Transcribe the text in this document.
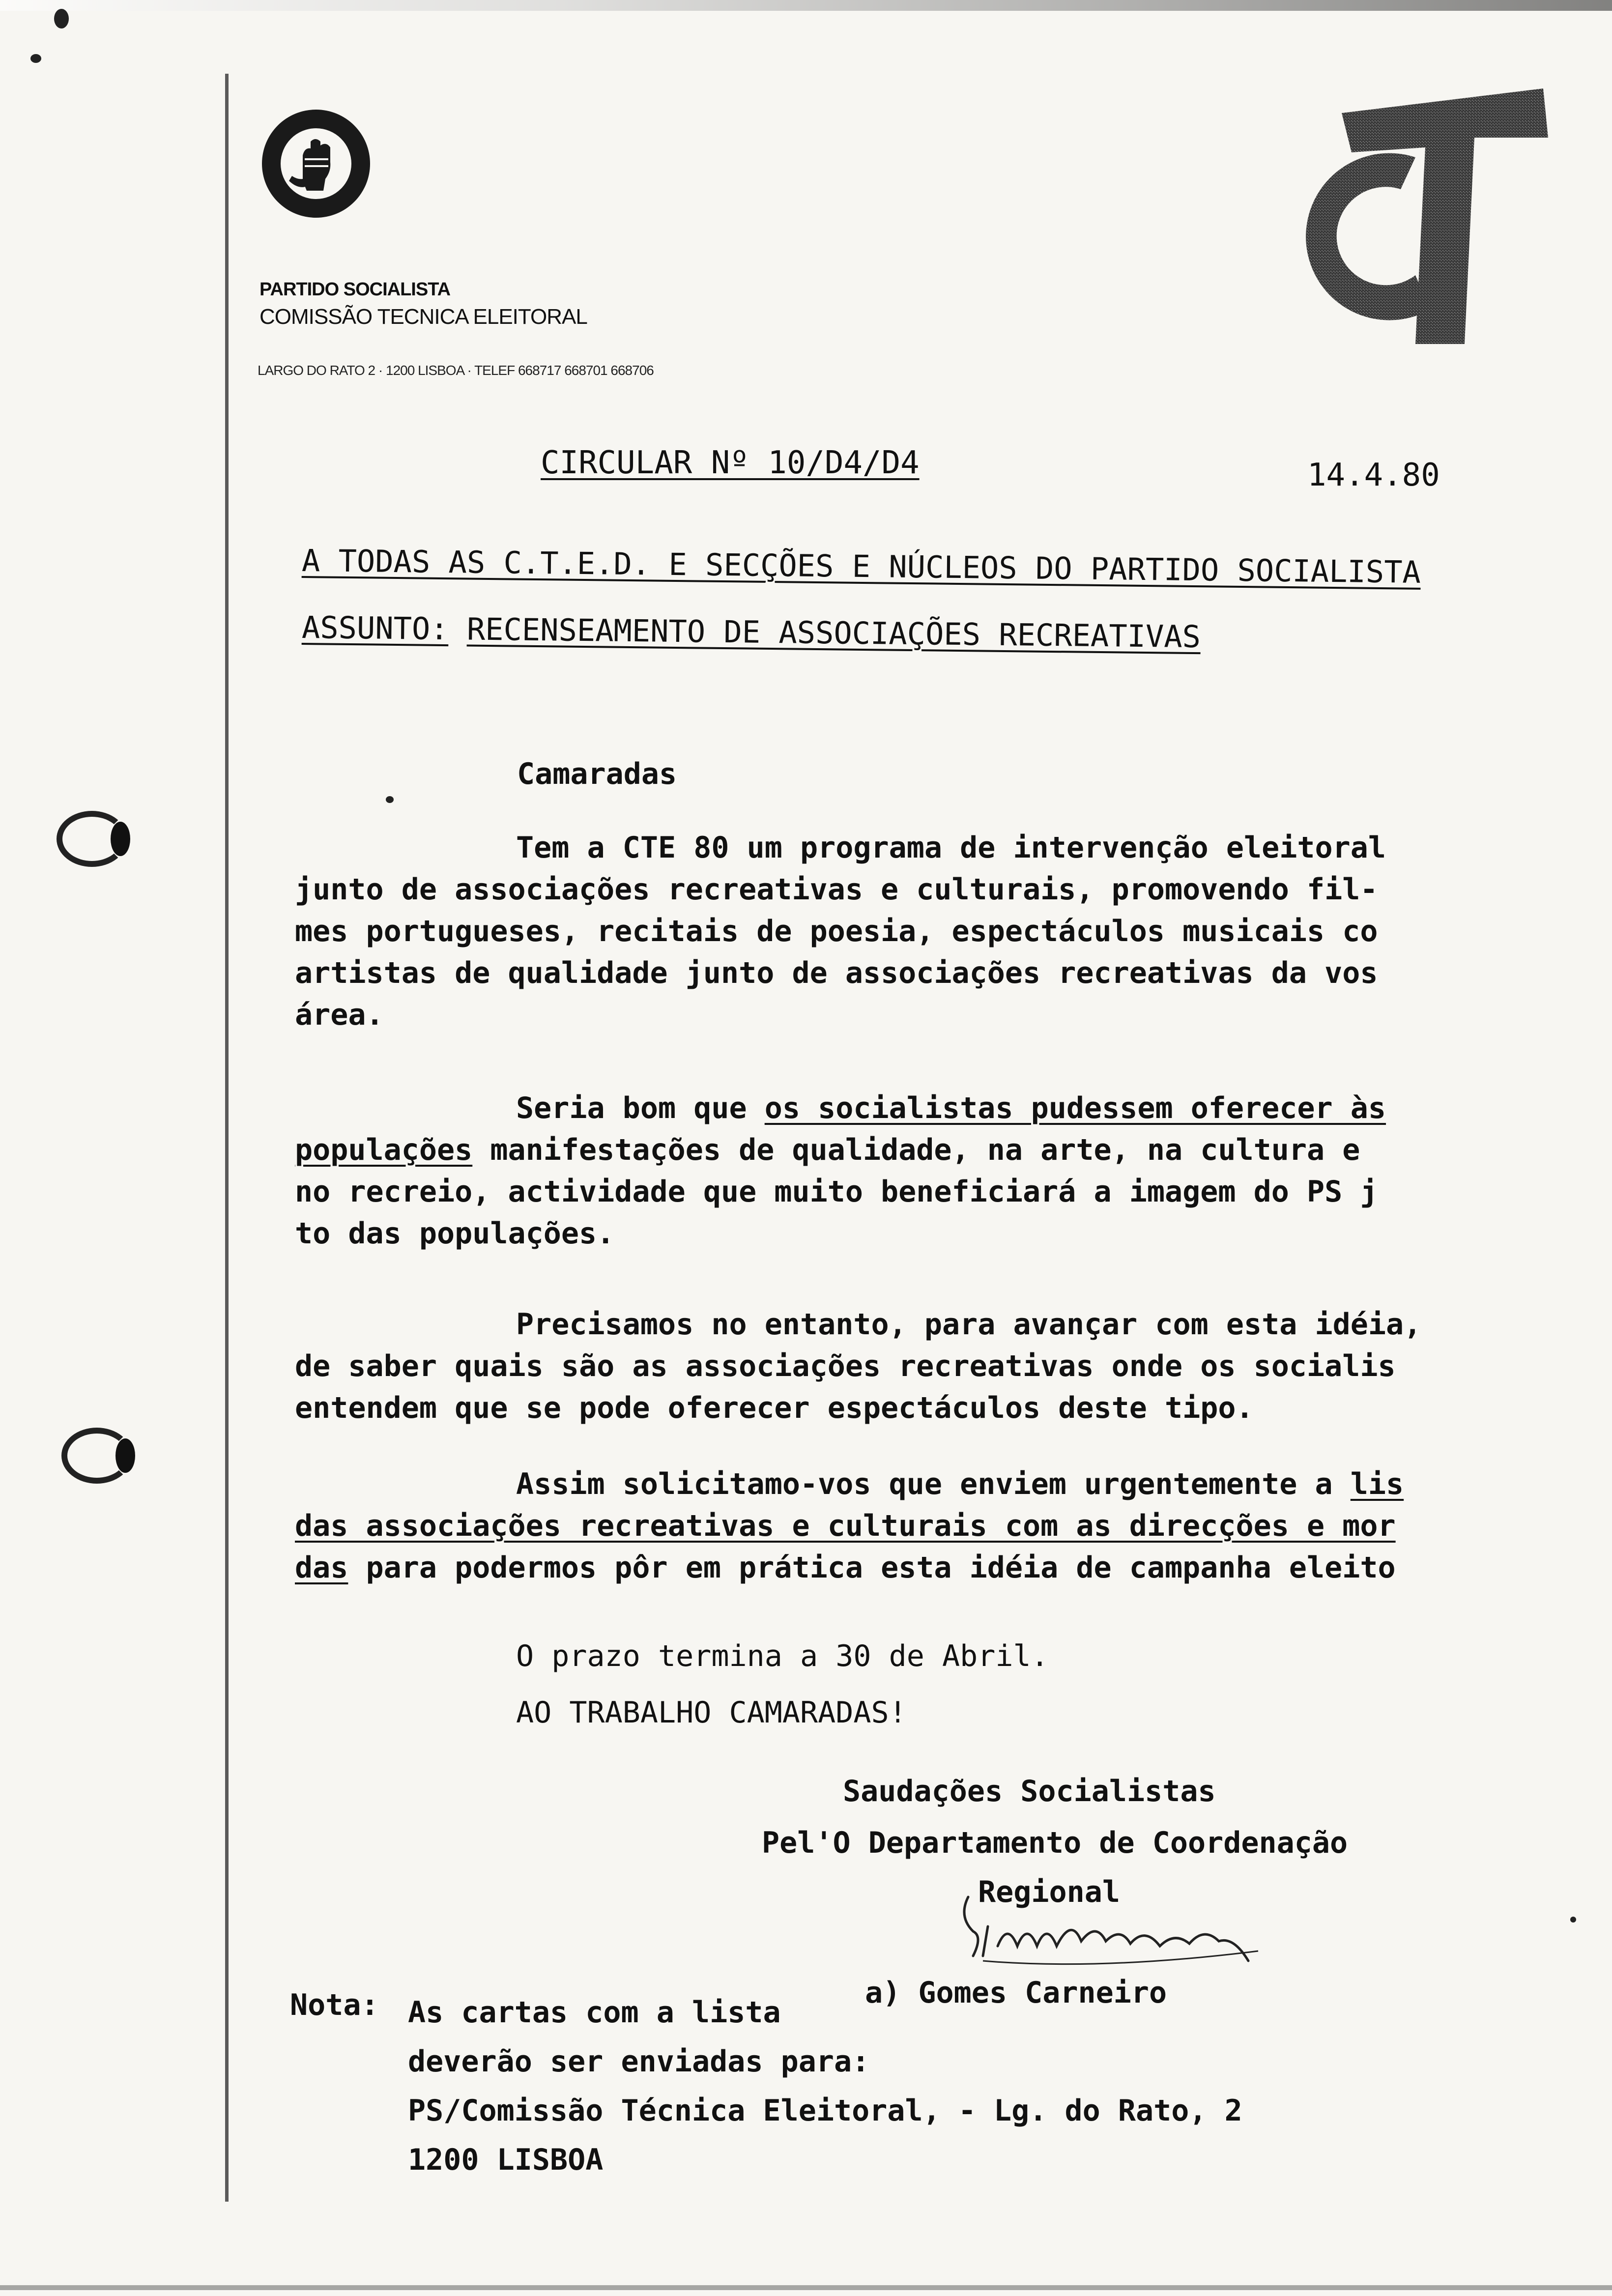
PARTIDO SOCIALISTA
COMISSÃO TECNICA ELEITORAL
LARGO DO RATO 2 · 1200 LISBOA · TELEF 668717 668701 668706
CIRCULAR Nº 10/D4/D4	14.4.80
A TODAS AS C.T.E.D. E SECÇÕES E NÚCLEOS DO PARTIDO SOCIALISTA
ASSUNTO: RECENSEAMENTO DE ASSOCIAÇÕES RECREATIVAS
Camaradas
Tem a CTE 80 um programa de intervenção eleitoral
junto de associações recreativas e culturais, promovendo fil-
mes portugueses, recitais de poesia, espectáculos musicais co
artistas de qualidade junto de associações recreativas da vos
área.
Seria bom que os socialistas pudessem oferecer às
populações manifestações de qualidade, na arte, na cultura e
no recreio, actividade que muito beneficiará a imagem do PS j
to das populações.
Precisamos no entanto, para avançar com esta idéia,
de saber quais são as associações recreativas onde os socialis
entendem que se pode oferecer espectáculos deste tipo.
Assim solicitamo-vos que enviem urgentemente a lis
das associações recreativas e culturais com as direcções e mor
das para podermos pôr em prática esta idéia de campanha eleito
O prazo termina a 30 de Abril.
AO TRABALHO CAMARADAS!
Saudações Socialistas
Pel'O Departamento de Coordenação
Regional
a) Gomes Carneiro
Nota: As cartas com a lista
deverão ser enviadas para:
PS/Comissão Técnica Eleitoral, - Lg. do Rato, 2
1200 LISBOA
